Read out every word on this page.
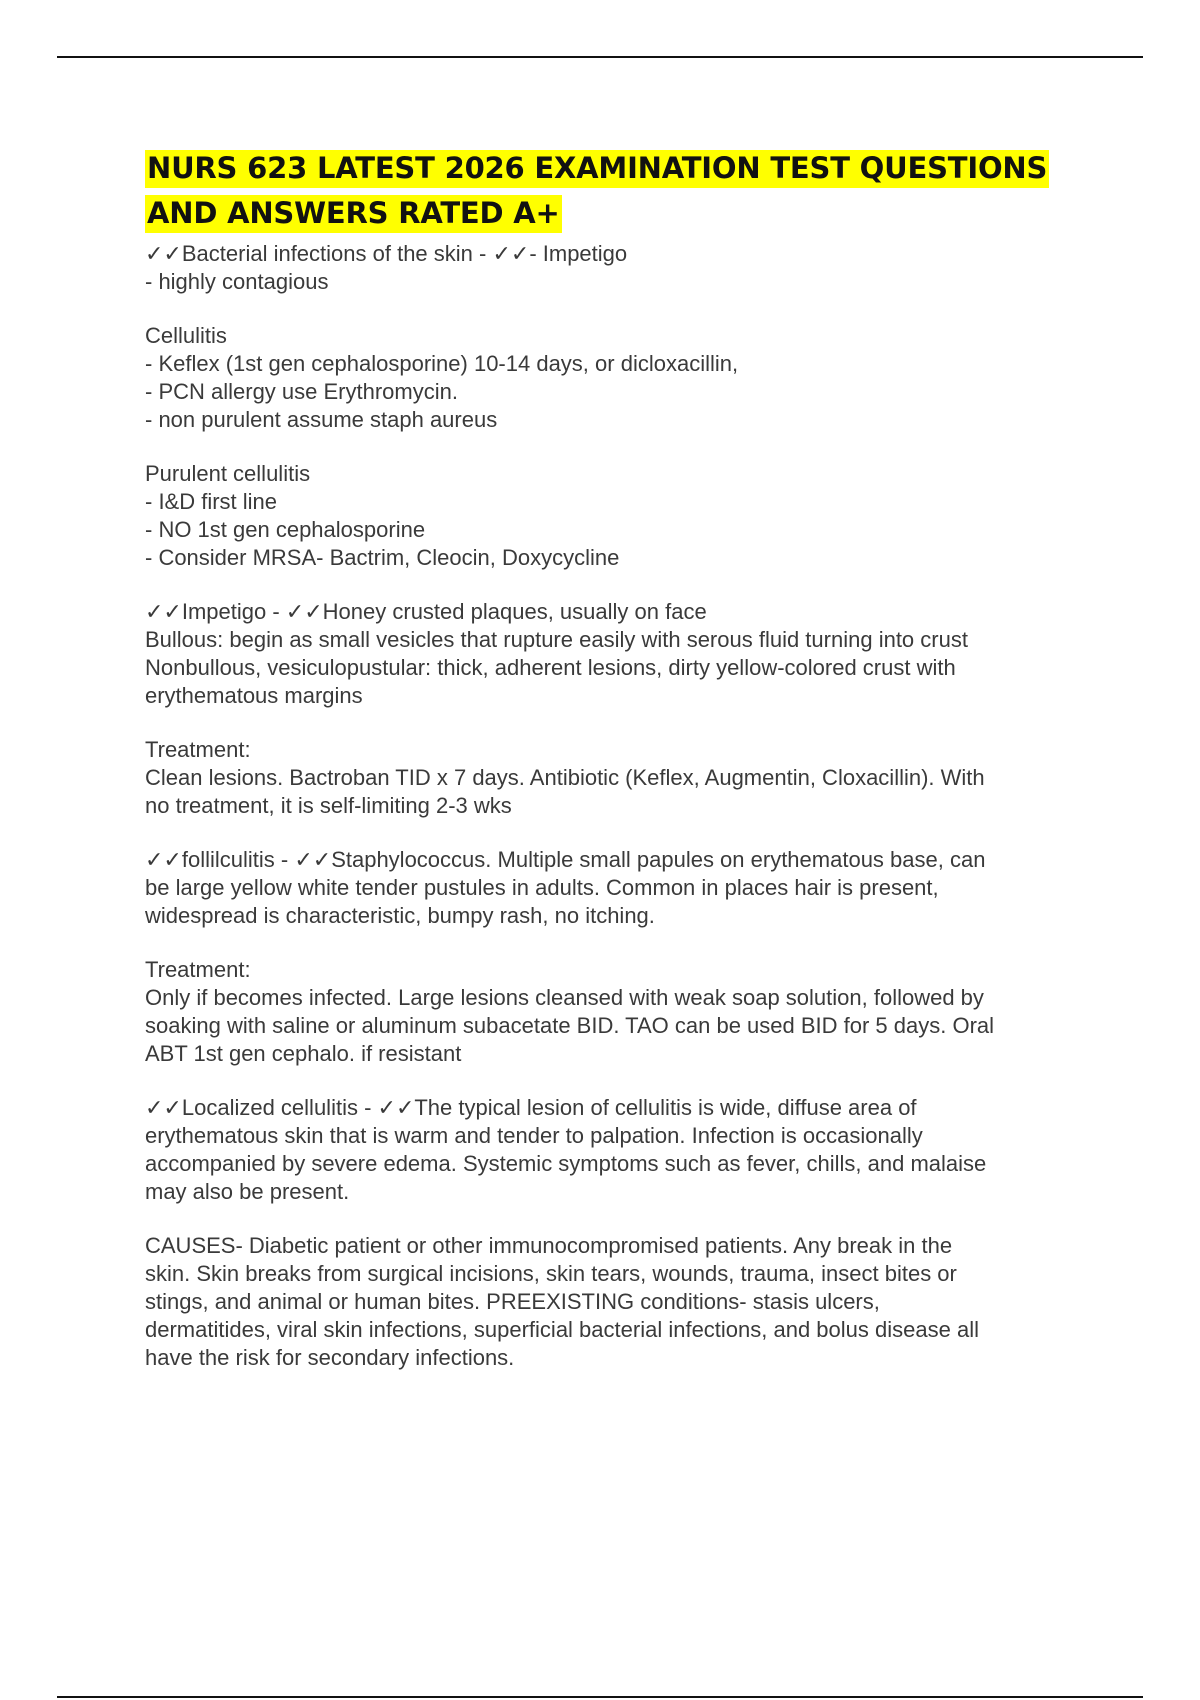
NURS 623 LATEST 2026 EXAMINATION TEST QUESTIONS
AND ANSWERS RATED A+
✓✓Bacterial infections of the skin - ✓✓- Impetigo
- highly contagious
Cellulitis
- Keflex (1st gen cephalosporine) 10-14 days, or dicloxacillin,
- PCN allergy use Erythromycin.
- non purulent assume staph aureus
Purulent cellulitis
- I&D first line
- NO 1st gen cephalosporine
- Consider MRSA- Bactrim, Cleocin, Doxycycline
✓✓Impetigo - ✓✓Honey crusted plaques, usually on face
Bullous: begin as small vesicles that rupture easily with serous fluid turning into crust
Nonbullous, vesiculopustular: thick, adherent lesions, dirty yellow-colored crust with
erythematous margins
Treatment:
Clean lesions. Bactroban TID x 7 days. Antibiotic (Keflex, Augmentin, Cloxacillin). With
no treatment, it is self-limiting 2-3 wks
✓✓follilculitis - ✓✓Staphylococcus. Multiple small papules on erythematous base, can
be large yellow white tender pustules in adults. Common in places hair is present,
widespread is characteristic, bumpy rash, no itching.
Treatment:
Only if becomes infected. Large lesions cleansed with weak soap solution, followed by
soaking with saline or aluminum subacetate BID. TAO can be used BID for 5 days. Oral
ABT 1st gen cephalo. if resistant
✓✓Localized cellulitis - ✓✓The typical lesion of cellulitis is wide, diffuse area of
erythematous skin that is warm and tender to palpation. Infection is occasionally
accompanied by severe edema. Systemic symptoms such as fever, chills, and malaise
may also be present.
CAUSES- Diabetic patient or other immunocompromised patients. Any break in the
skin. Skin breaks from surgical incisions, skin tears, wounds, trauma, insect bites or
stings, and animal or human bites. PREEXISTING conditions- stasis ulcers,
dermatitides, viral skin infections, superficial bacterial infections, and bolus disease all
have the risk for secondary infections.
